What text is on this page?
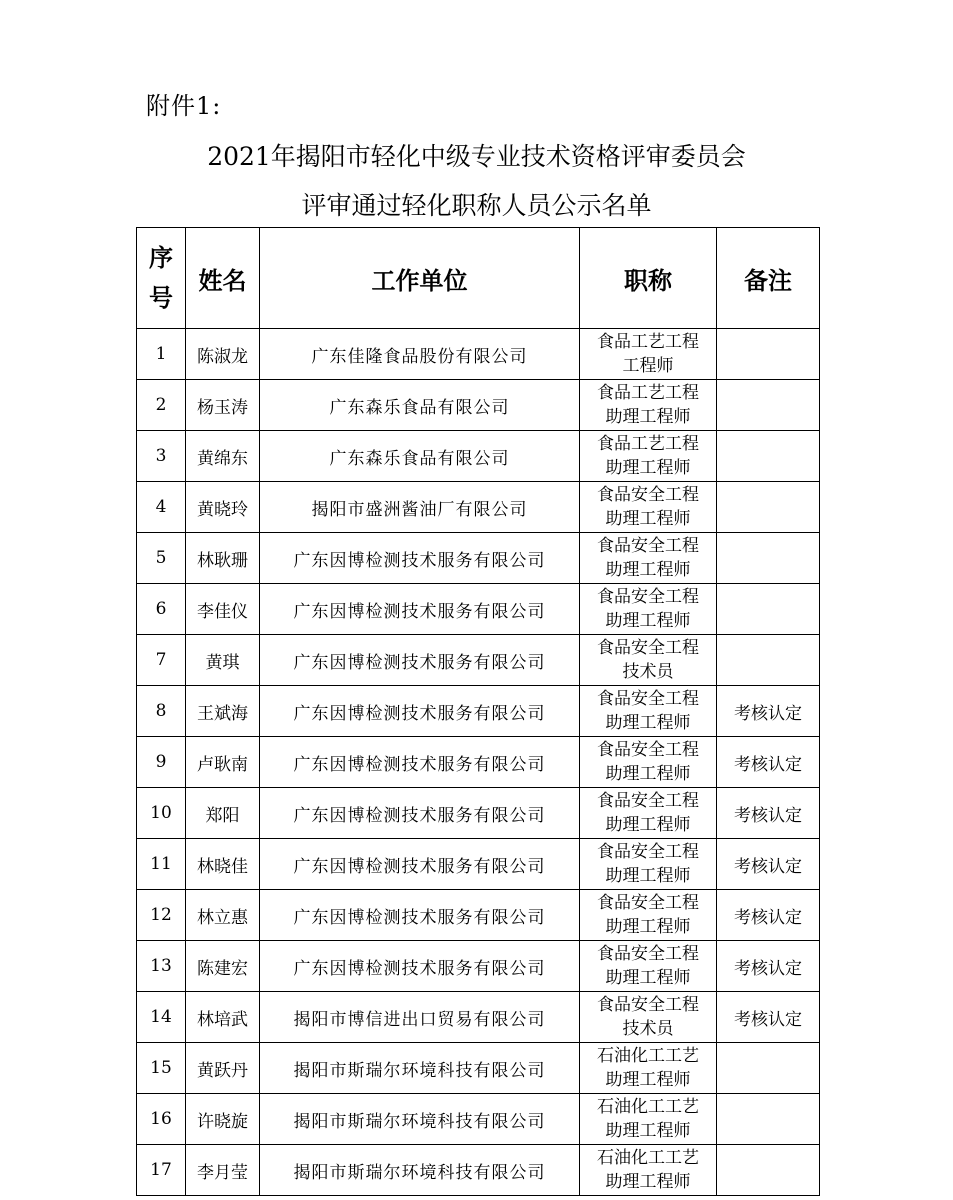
附件1:
2021年揭阳市轻化中级专业技术资格评审委员会
评审通过轻化职称人员公示名单
序
号	姓名	工作单位	职称	备注
1	陈淑龙	广东佳隆食品股份有限公司	食品工艺工程
工程师	

2	杨玉涛	广东森乐食品有限公司	食品工艺工程
助理工程师	

3	黄绵东	广东森乐食品有限公司	食品工艺工程
助理工程师	

4	黄晓玲	揭阳市盛洲酱油厂有限公司	食品安全工程
助理工程师	

5	林耿珊	广东因博检测技术服务有限公司	食品安全工程
助理工程师	

6	李佳仪	广东因博检测技术服务有限公司	食品安全工程
助理工程师	

7	黄琪	广东因博检测技术服务有限公司	食品安全工程
技术员	

8	王斌海	广东因博检测技术服务有限公司	食品安全工程
助理工程师	考核认定
9	卢耿南	广东因博检测技术服务有限公司	食品安全工程
助理工程师	考核认定
10	郑阳	广东因博检测技术服务有限公司	食品安全工程
助理工程师	考核认定
11	林晓佳	广东因博检测技术服务有限公司	食品安全工程
助理工程师	考核认定
12	林立惠	广东因博检测技术服务有限公司	食品安全工程
助理工程师	考核认定
13	陈建宏	广东因博检测技术服务有限公司	食品安全工程
助理工程师	考核认定
14	林培武	揭阳市博信进出口贸易有限公司	食品安全工程
技术员	考核认定
15	黄跃丹	揭阳市斯瑞尔环境科技有限公司	石油化工工艺
助理工程师	

16	许晓旋	揭阳市斯瑞尔环境科技有限公司	石油化工工艺
助理工程师	

17	李月莹	揭阳市斯瑞尔环境科技有限公司	石油化工工艺
助理工程师	
